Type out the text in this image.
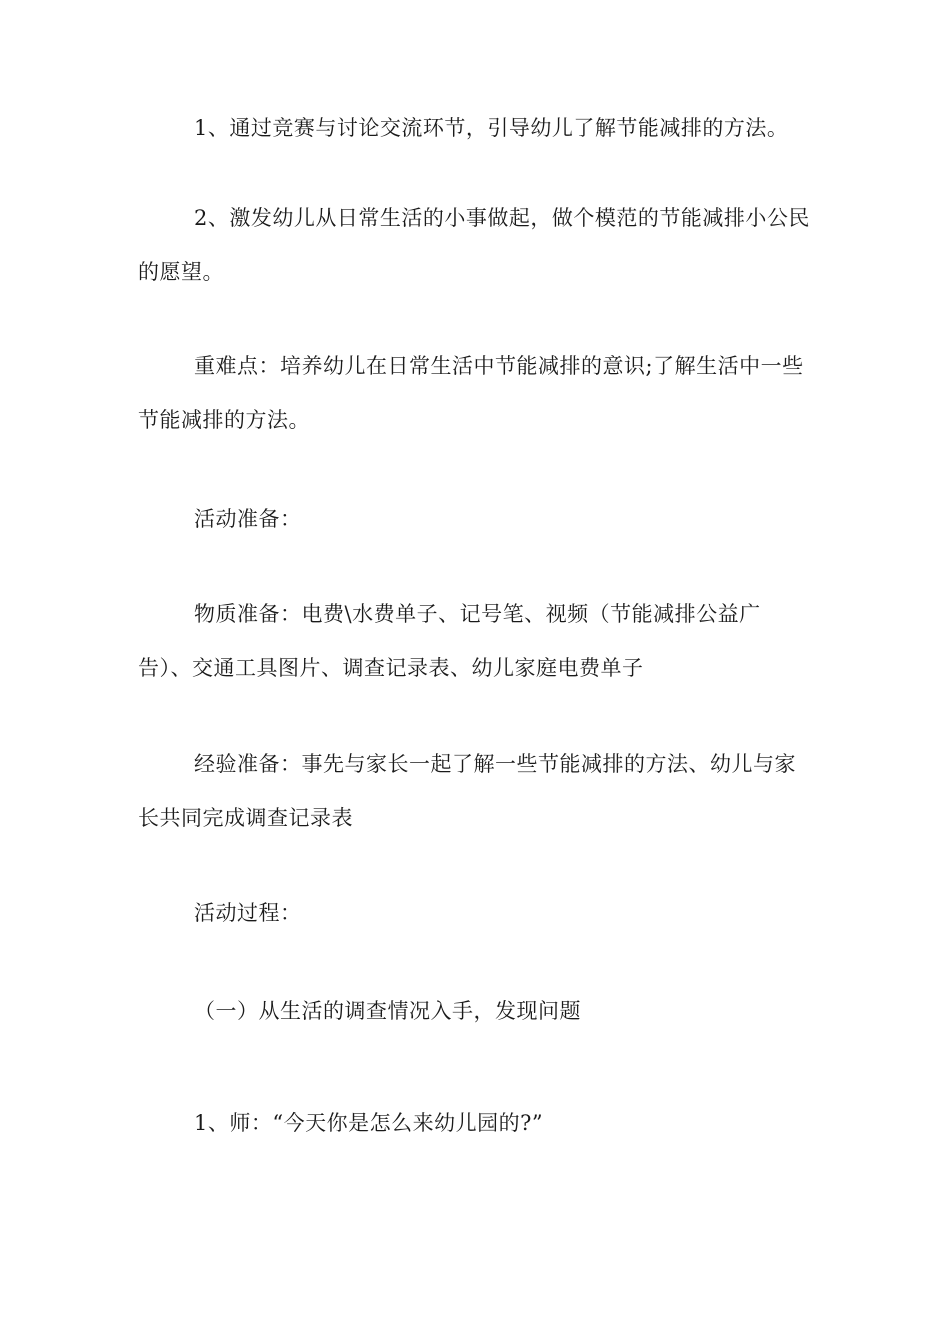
1、通过竞赛与讨论交流环节，引导幼儿了解节能减排的方法。

2、激发幼儿从日常生活的小事做起，做个模范的节能减排小公民的愿望。

重难点：培养幼儿在日常生活中节能减排的意识;了解生活中一些节能减排的方法。

活动准备：

物质准备：电费\水费单子、记号笔、视频（节能减排公益广告）、交通工具图片、调查记录表、幼儿家庭电费单子

经验准备：事先与家长一起了解一些节能减排的方法、幼儿与家长共同完成调查记录表

活动过程：

（一）从生活的调查情况入手，发现问题

1、师：“今天你是怎么来幼儿园的?”
